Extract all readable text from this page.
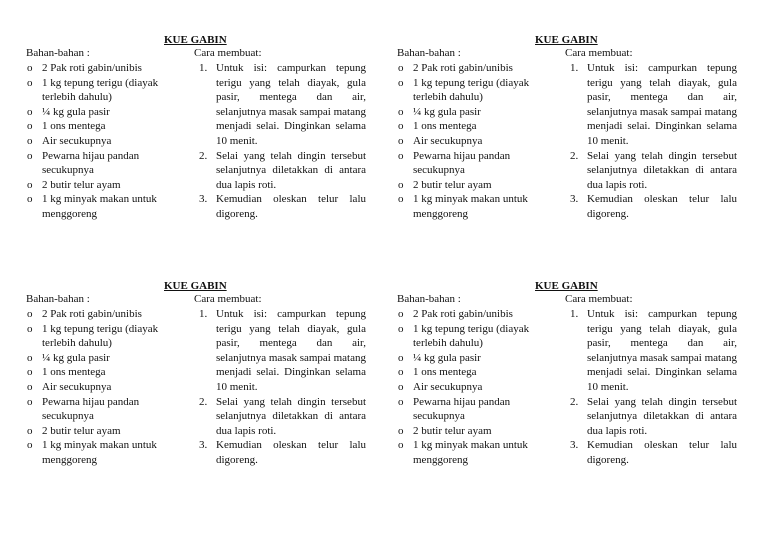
KUE GABIN
Bahan-bahan :
o 2 Pak roti gabin/unibis
o 1 kg tepung terigu (diayak terlebih dahulu)
o ¼ kg gula pasir
o 1 ons mentega
o Air secukupnya
o Pewarna hijau pandan secukupnya
o 2 butir telur ayam
o 1 kg minyak makan untuk menggoreng
Cara membuat:
1. Untuk isi: campurkan tepung terigu yang telah diayak, gula pasir, mentega dan air, selanjutnya masak sampai matang menjadi selai. Dinginkan selama 10 menit.
2. Selai yang telah dingin tersebut selanjutnya diletakkan di antara dua lapis roti.
3. Kemudian oleskan telur lalu digoreng.
KUE GABIN
Bahan-bahan :
o 2 Pak roti gabin/unibis
o 1 kg tepung terigu (diayak terlebih dahulu)
o ¼ kg gula pasir
o 1 ons mentega
o Air secukupnya
o Pewarna hijau pandan secukupnya
o 2 butir telur ayam
o 1 kg minyak makan untuk menggoreng
Cara membuat:
1. Untuk isi: campurkan tepung terigu yang telah diayak, gula pasir, mentega dan air, selanjutnya masak sampai matang menjadi selai. Dinginkan selama 10 menit.
2. Selai yang telah dingin tersebut selanjutnya diletakkan di antara dua lapis roti.
3. Kemudian oleskan telur lalu digoreng.
KUE GABIN
Bahan-bahan :
o 2 Pak roti gabin/unibis
o 1 kg tepung terigu (diayak terlebih dahulu)
o ¼ kg gula pasir
o 1 ons mentega
o Air secukupnya
o Pewarna hijau pandan secukupnya
o 2 butir telur ayam
o 1 kg minyak makan untuk menggoreng
Cara membuat:
1. Untuk isi: campurkan tepung terigu yang telah diayak, gula pasir, mentega dan air, selanjutnya masak sampai matang menjadi selai. Dinginkan selama 10 menit.
2. Selai yang telah dingin tersebut selanjutnya diletakkan di antara dua lapis roti.
3. Kemudian oleskan telur lalu digoreng.
KUE GABIN
Bahan-bahan :
o 2 Pak roti gabin/unibis
o 1 kg tepung terigu (diayak terlebih dahulu)
o ¼ kg gula pasir
o 1 ons mentega
o Air secukupnya
o Pewarna hijau pandan secukupnya
o 2 butir telur ayam
o 1 kg minyak makan untuk menggoreng
Cara membuat:
1. Untuk isi: campurkan tepung terigu yang telah diayak, gula pasir, mentega dan air, selanjutnya masak sampai matang menjadi selai. Dinginkan selama 10 menit.
2. Selai yang telah dingin tersebut selanjutnya diletakkan di antara dua lapis roti.
3. Kemudian oleskan telur lalu digoreng.
